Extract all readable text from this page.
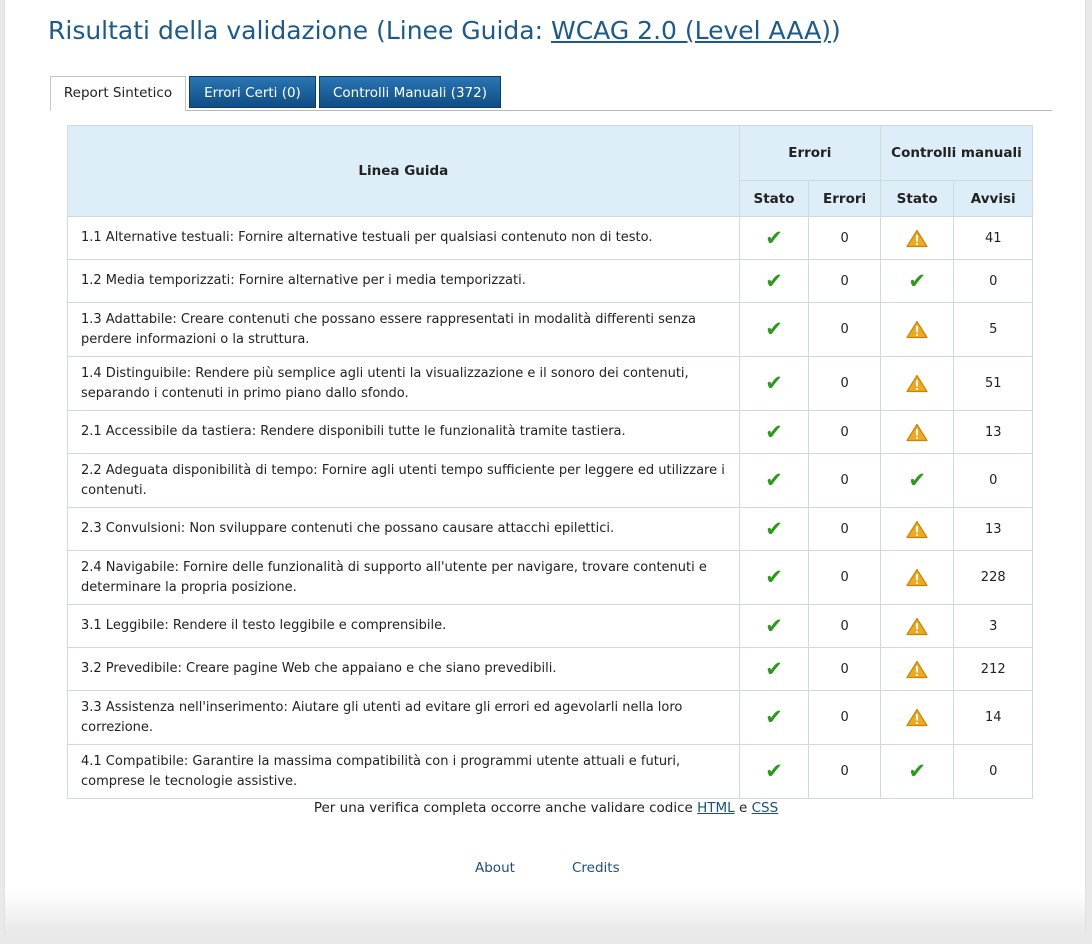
Risultati della validazione (Linee Guida: WCAG 2.0 (Level AAA))
Report Sintetico	Errori Certi (0)	Controlli Manuali (372)
Linea Guida	Errori		Controlli manuali	
	Stato	Errori	Stato	Avvisi
1.1 Alternative testuali: Fornire alternative testuali per qualsiasi contenuto non di testo.	✔	0		41
1.2 Media temporizzati: Fornire alternative per i media temporizzati.	✔	0	✔	0
1.3 Adattabile: Creare contenuti che possano essere rappresentati in modalità differenti senza perdere informazioni o la struttura.	✔	0		5
1.4 Distinguibile: Rendere più semplice agli utenti la visualizzazione e il sonoro dei contenuti, separando i contenuti in primo piano dallo sfondo.	✔	0		51
2.1 Accessibile da tastiera: Rendere disponibili tutte le funzionalità tramite tastiera.	✔	0		13
2.2 Adeguata disponibilità di tempo: Fornire agli utenti tempo sufficiente per leggere ed utilizzare i contenuti.	✔	0	✔	0
2.3 Convulsioni: Non sviluppare contenuti che possano causare attacchi epilettici.	✔	0		13
2.4 Navigabile: Fornire delle funzionalità di supporto all'utente per navigare, trovare contenuti e determinare la propria posizione.	✔	0		228
3.1 Leggibile: Rendere il testo leggibile e comprensibile.	✔	0		3
3.2 Prevedibile: Creare pagine Web che appaiano e che siano prevedibili.	✔	0		212
3.3 Assistenza nell'inserimento: Aiutare gli utenti ad evitare gli errori ed agevolarli nella loro correzione.	✔	0		14
4.1 Compatibile: Garantire la massima compatibilità con i programmi utente attuali e futuri, comprese le tecnologie assistive.	✔	0	✔	0
Per una verifica completa occorre anche validare codice HTML e CSS
About	Credits
